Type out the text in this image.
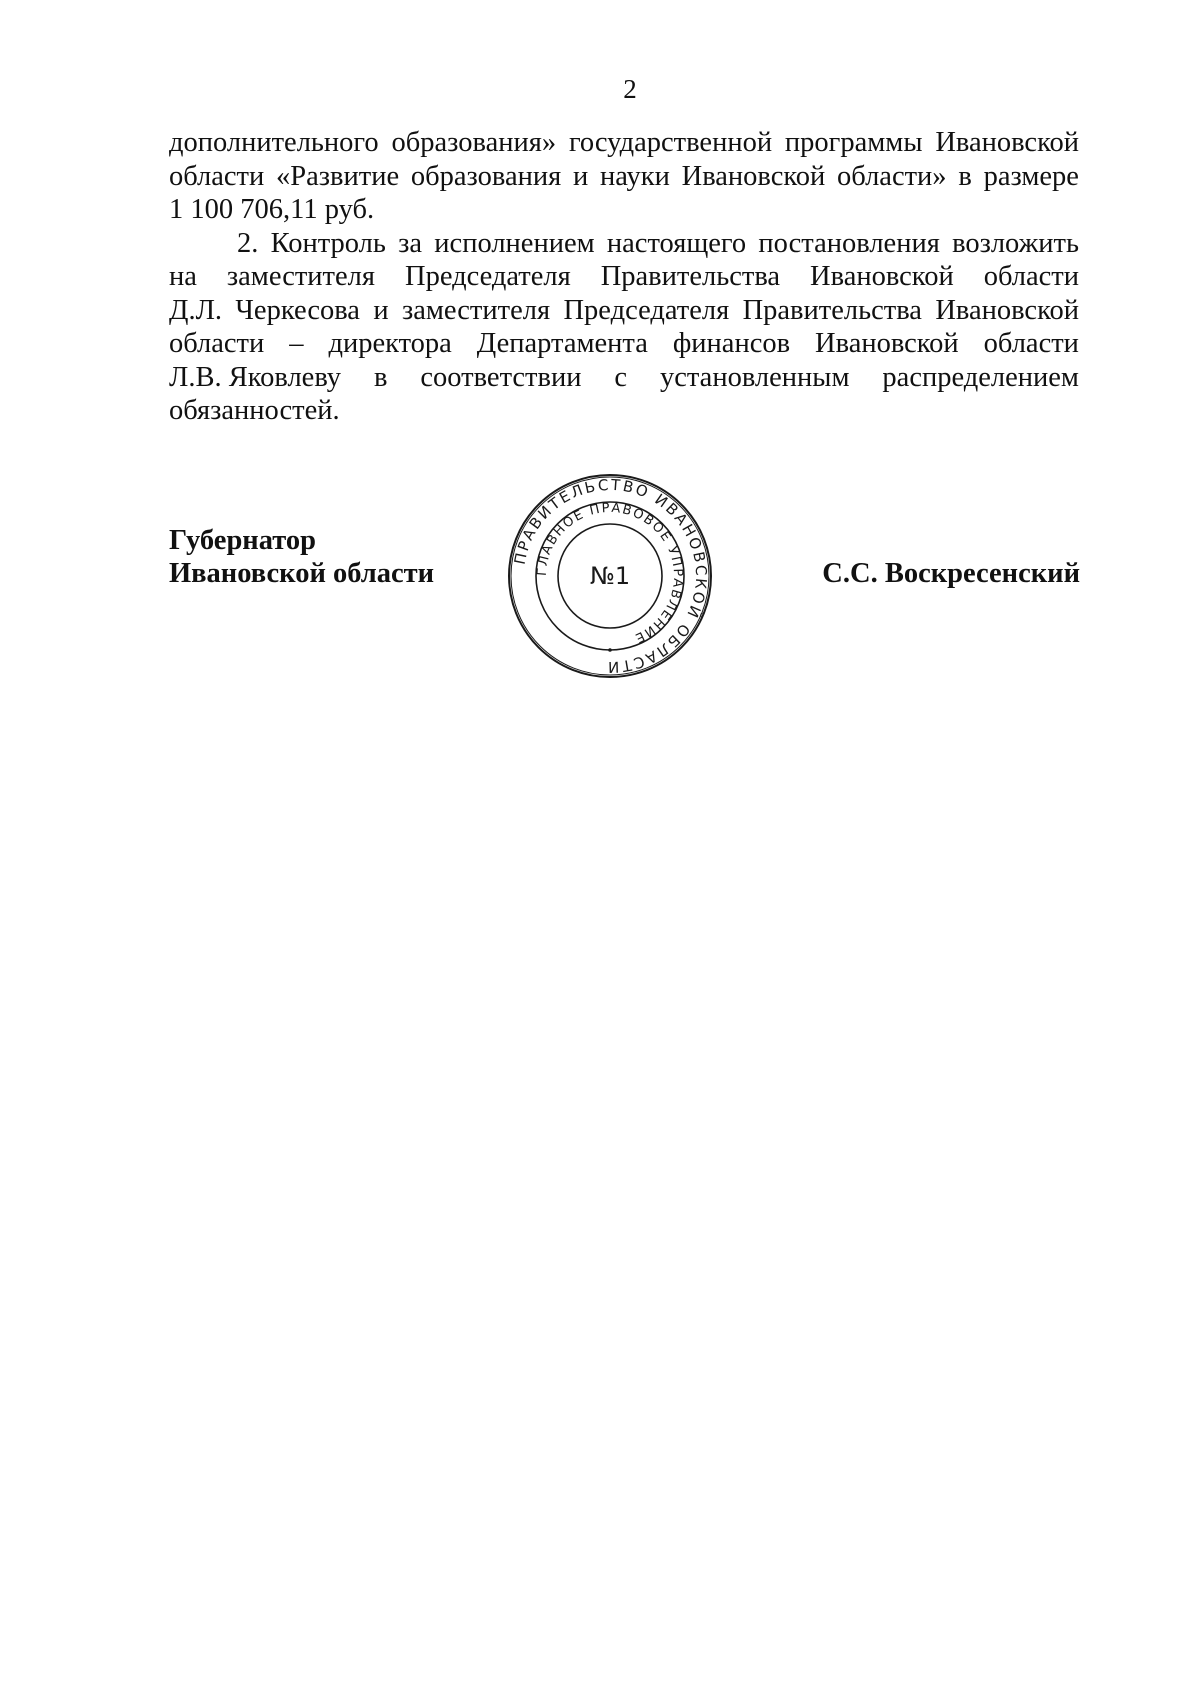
2
дополнительного образования» государственной программы Ивановской
области «Развитие образования и науки Ивановской области» в размере
1 100 706,11 руб.
2. Контроль за исполнением настоящего постановления возложить
на заместителя Председателя Правительства Ивановской области
Д.Л. Черкесова и заместителя Председателя Правительства Ивановской
области – директора Департамента финансов Ивановской области
Л.В. Яковлеву в соответствии с установленным распределением
обязанностей.
Губернатор
Ивановской области
ПРАВИТЕЛЬСТВО ИВАНОВСКОЙ ОБЛАСТИ
ГЛАВНОЕ ПРАВОВОЕ УПРАВЛЕНИЕ
№1	С.С. Воскресенский
